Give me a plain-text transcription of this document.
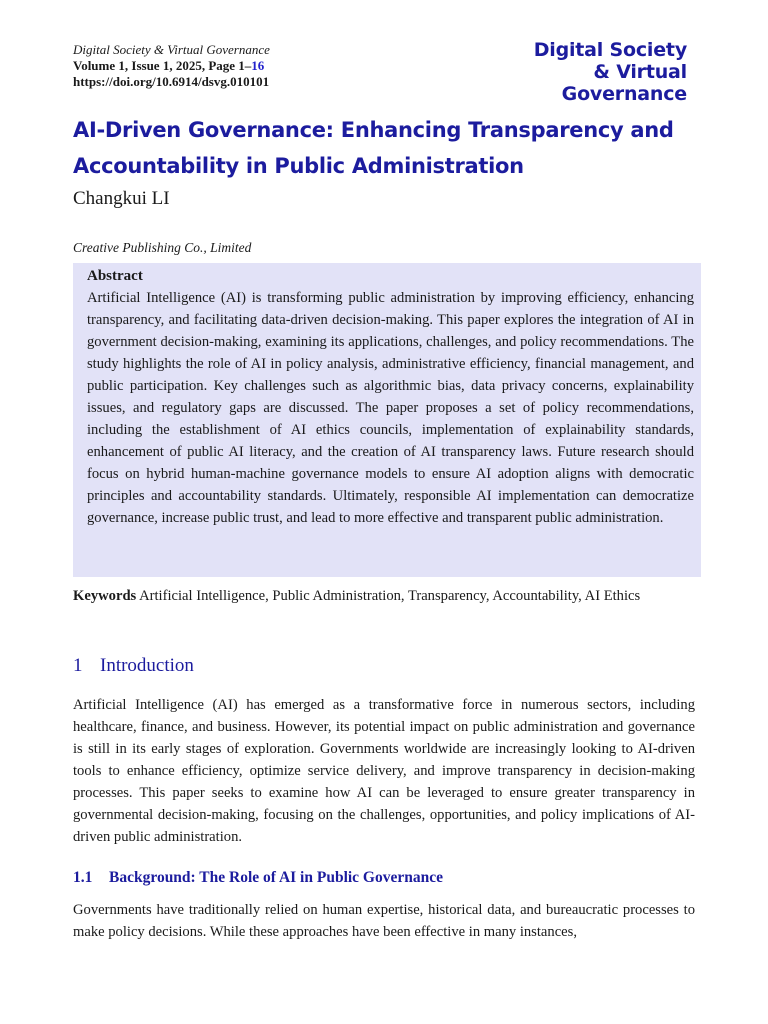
Digital Society & Virtual Governance
Volume 1, Issue 1, 2025, Page 1–16
https://doi.org/10.6914/dsvg.010101
Digital Society
& Virtual
Governance
AI-Driven Governance: Enhancing Transparency and Accountability in Public Administration
Changkui LI
Creative Publishing Co., Limited
Abstract

Artificial Intelligence (AI) is transforming public administration by improving efficiency, enhancing transparency, and facilitating data-driven decision-making. This paper explores the integration of AI in government decision-making, examining its applications, challenges, and policy recommendations. The study highlights the role of AI in policy analysis, administrative efficiency, financial management, and public participation. Key challenges such as algorithmic bias, data privacy concerns, explainability issues, and regulatory gaps are discussed. The paper proposes a set of policy recommendations, including the establishment of AI ethics councils, implementation of explainability standards, enhancement of public AI literacy, and the creation of AI transparency laws. Future research should focus on hybrid human-machine governance models to ensure AI adoption aligns with democratic principles and accountability standards. Ultimately, responsible AI implementation can democratize governance, increase public trust, and lead to more effective and transparent public administration.

Keywords Artificial Intelligence, Public Administration, Transparency, Accountability, AI Ethics
1 Introduction

Artificial Intelligence (AI) has emerged as a transformative force in numerous sectors, including healthcare, finance, and business. However, its potential impact on public administration and governance is still in its early stages of exploration. Governments worldwide are increasingly looking to AI-driven tools to enhance efficiency, optimize service delivery, and improve transparency in decision-making processes. This paper seeks to examine how AI can be leveraged to ensure greater transparency in governmental decision-making, focusing on the challenges, opportunities, and policy implications of AI-driven public administration.

1.1 Background: The Role of AI in Public Governance

Governments have traditionally relied on human expertise, historical data, and bureaucratic processes to make policy decisions. While these approaches have been effective in many instances,
